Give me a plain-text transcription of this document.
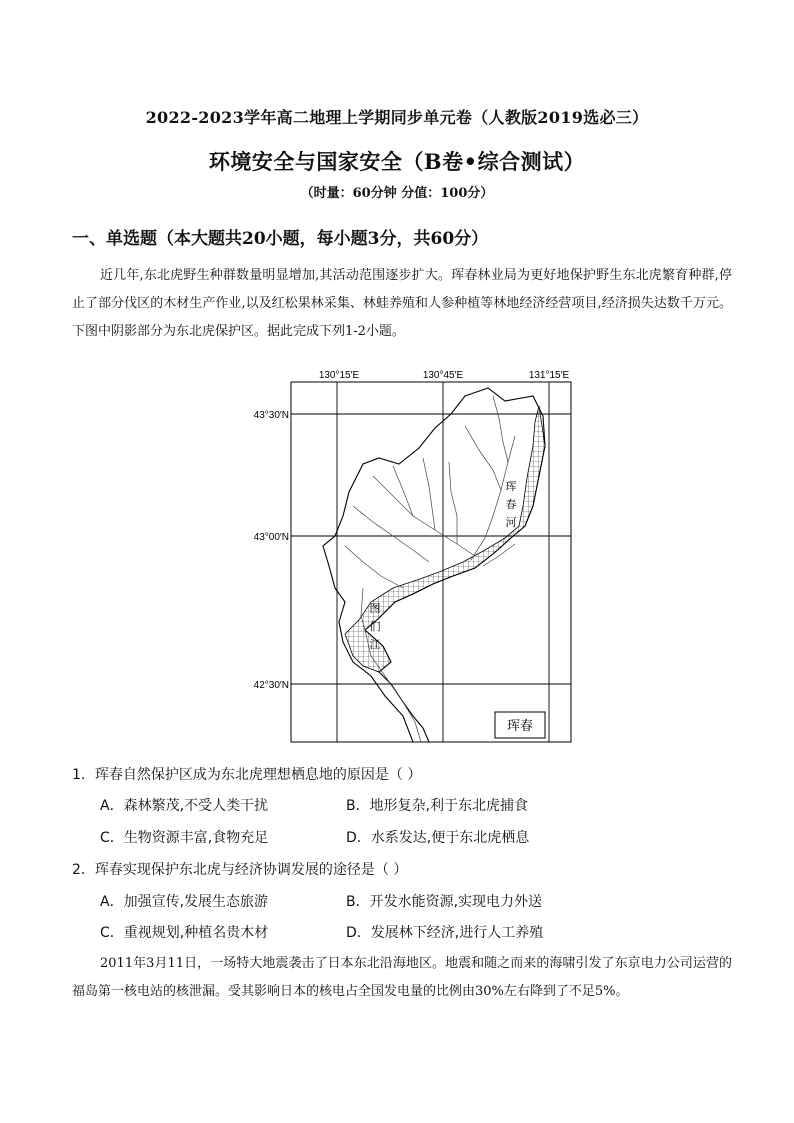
2022-2023学年高二地理上学期同步单元卷（人教版2019选必三）
环境安全与国家安全（B卷•综合测试）
（时量：60分钟 分值：100分）
一、单选题（本大题共20小题，每小题3分，共60分）
近几年,东北虎野生种群数量明显增加,其活动范围逐步扩大。珲春林业局为更好地保护野生东北虎繁育种群,停止了部分伐区的木材生产作业,以及红松果林采集、林蛙养殖和人参种植等林地经济经营项目,经济损失达数千万元。下图中阴影部分为东北虎保护区。据此完成下列1-2小题。
130°15′E	130°45′E	131°15′E
43°30′N
43°00′N
42°30′N
珲
春
河
图
们
江
珲春
1．珲春自然保护区成为东北虎理想栖息地的原因是（ ）
A．森林繁茂,不受人类干扰	B．地形复杂,利于东北虎捕食
C．生物资源丰富,食物充足	D．水系发达,便于东北虎栖息
2．珲春实现保护东北虎与经济协调发展的途径是（ ）
A．加强宣传,发展生态旅游	B．开发水能资源,实现电力外送
C．重视规划,种植名贵木材	D．发展林下经济,进行人工养殖
2011年3月11日，一场特大地震袭击了日本东北沿海地区。地震和随之而来的海啸引发了东京电力公司运营的福岛第一核电站的核泄漏。受其影响日本的核电占全国发电量的比例由30%左右降到了不足5%。
